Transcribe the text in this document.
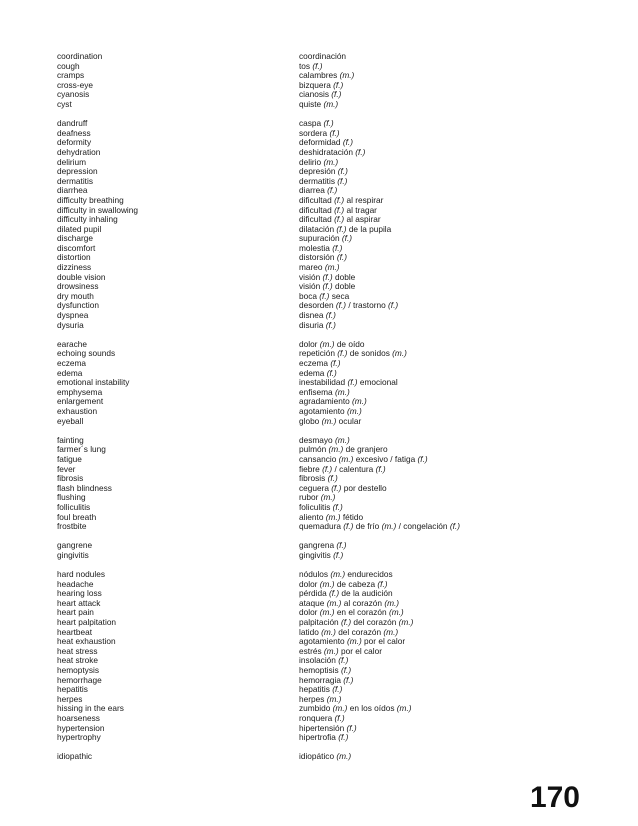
coordination	coordinación
cough	tos (f.)
cramps	calambres (m.)
cross-eye	bizquera (f.)
cyanosis	cianosis (f.)
cyst	quiste (m.)
dandruff	caspa (f.)
deafness	sordera (f.)
deformity	deformidad (f.)
dehydration	deshidratación (f.)
delirium	delirio (m.)
depression	depresión (f.)
dermatitis	dermatitis (f.)
diarrhea	diarrea (f.)
difficulty breathing	dificultad (f.) al respirar
difficulty in swallowing	dificultad (f.) al tragar
difficulty inhaling	dificultad (f.) al aspirar
dilated pupil	dilatación (f.) de la pupila
discharge	supuración (f.)
discomfort	molestia (f.)
distortion	distorsión (f.)
dizziness	mareo (m.)
double vision	visión (f.) doble
drowsiness	visión (f.) doble
dry mouth	boca (f.) seca
dysfunction	desorden (f.) / trastorno (f.)
dyspnea	disnea (f.)
dysuria	disuria (f.)
earache	dolor (m.) de oído
echoing sounds	repetición (f.) de sonidos (m.)
eczema	eczema (f.)
edema	edema (f.)
emotional instability	inestabilidad (f.) emocional
emphysema	enfisema (m.)
enlargement	agradamiento (m.)
exhaustion	agotamiento (m.)
eyeball	globo (m.) ocular
fainting	desmayo (m.)
farmer´s lung	pulmón (m.) de granjero
fatigue	cansancio (m.) excesivo / fatiga (f.)
fever	fiebre (f.) / calentura (f.)
fibrosis	fibrosis (f.)
flash blindness	ceguera (f.) por destello
flushing	rubor (m.)
folliculitis	foliculitis (f.)
foul breath	aliento (m.) fétido
frostbite	quemadura (f.) de frío (m.) / congelación (f.)
gangrene	gangrena (f.)
gingivitis	gingivitis (f.)
hard nodules	nódulos (m.) endurecidos
headache	dolor (m.) de cabeza (f.)
hearing loss	pérdida (f.) de la audición
heart attack	ataque (m.) al corazón (m.)
heart pain	dolor (m.) en el corazón (m.)
heart palpitation	palpitación (f.) del corazón (m.)
heartbeat	latido (m.) del corazón (m.)
heat exhaustion	agotamiento (m.) por el calor
heat stress	estrés (m.) por el calor
heat stroke	insolación (f.)
hemoptysis	hemoptisis (f.)
hemorrhage	hemorragia (f.)
hepatitis	hepatitis (f.)
herpes	herpes (m.)
hissing in the ears	zumbido (m.) en los oídos (m.)
hoarseness	ronquera (f.)
hypertension	hipertensión (f.)
hypertrophy	hipertrofia (f.)
idiopathic	idiopático (m.)
170
